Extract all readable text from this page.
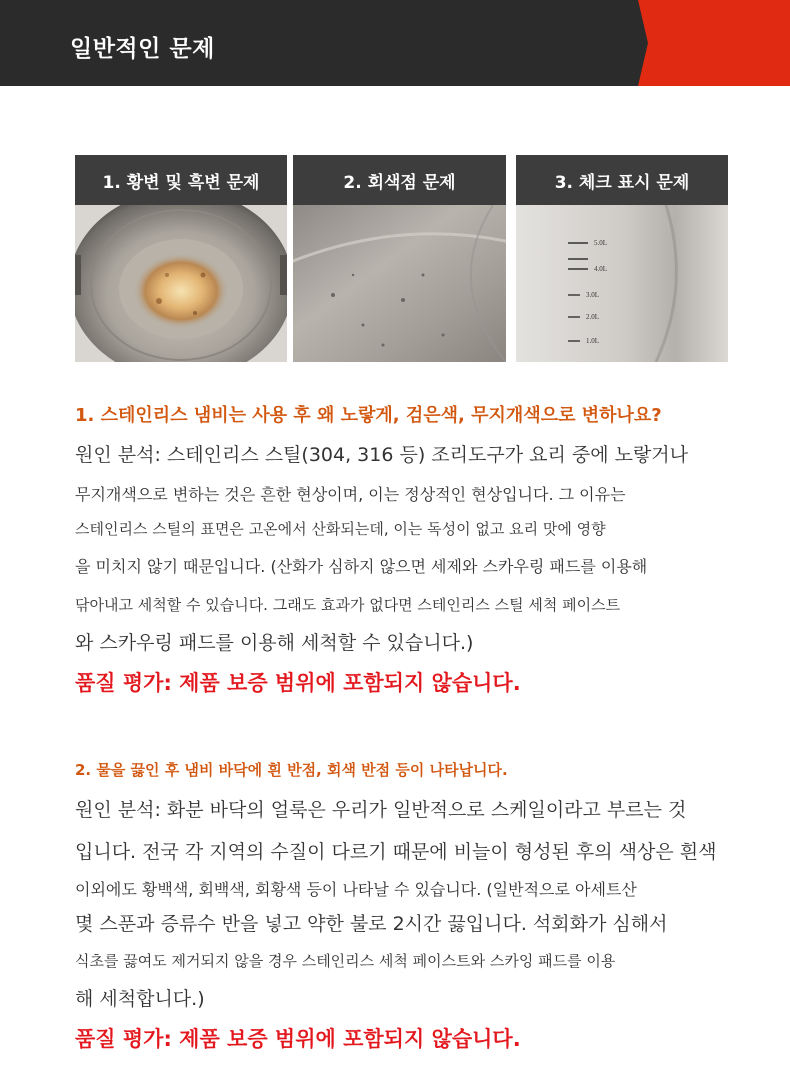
일반적인 문제
1. 황변 및 흑변 문제	2. 회색점 문제	3. 체크 표시 문제
5.0L
4.0L
3.0L
2.0L
1.0L
1. 스테인리스 냄비는 사용 후 왜 노랗게, 검은색, 무지개색으로 변하나요?
원인 분석: 스테인리스 스틸(304, 316 등) 조리도구가 요리 중에 노랗거나
무지개색으로 변하는 것은 흔한 현상이며, 이는 정상적인 현상입니다. 그 이유는
스테인리스 스틸의 표면은 고온에서 산화되는데, 이는 독성이 없고 요리 맛에 영향
을 미치지 않기 때문입니다. (산화가 심하지 않으면 세제와 스카우링 패드를 이용해
닦아내고 세척할 수 있습니다. 그래도 효과가 없다면 스테인리스 스틸 세척 페이스트
와 스카우링 패드를 이용해 세척할 수 있습니다.)
품질 평가: 제품 보증 범위에 포함되지 않습니다.
2. 물을 끓인 후 냄비 바닥에 흰 반점, 회색 반점 등이 나타납니다.
원인 분석: 화분 바닥의 얼룩은 우리가 일반적으로 스케일이라고 부르는 것
입니다. 전국 각 지역의 수질이 다르기 때문에 비늘이 형성된 후의 색상은 흰색
이외에도 황백색, 회백색, 회황색 등이 나타날 수 있습니다. (일반적으로 아세트산
몇 스푼과 증류수 반을 넣고 약한 불로 2시간 끓입니다. 석회화가 심해서
식초를 끓여도 제거되지 않을 경우 스테인리스 세척 페이스트와 스카잉 패드를 이용
해 세척합니다.)
품질 평가: 제품 보증 범위에 포함되지 않습니다.
